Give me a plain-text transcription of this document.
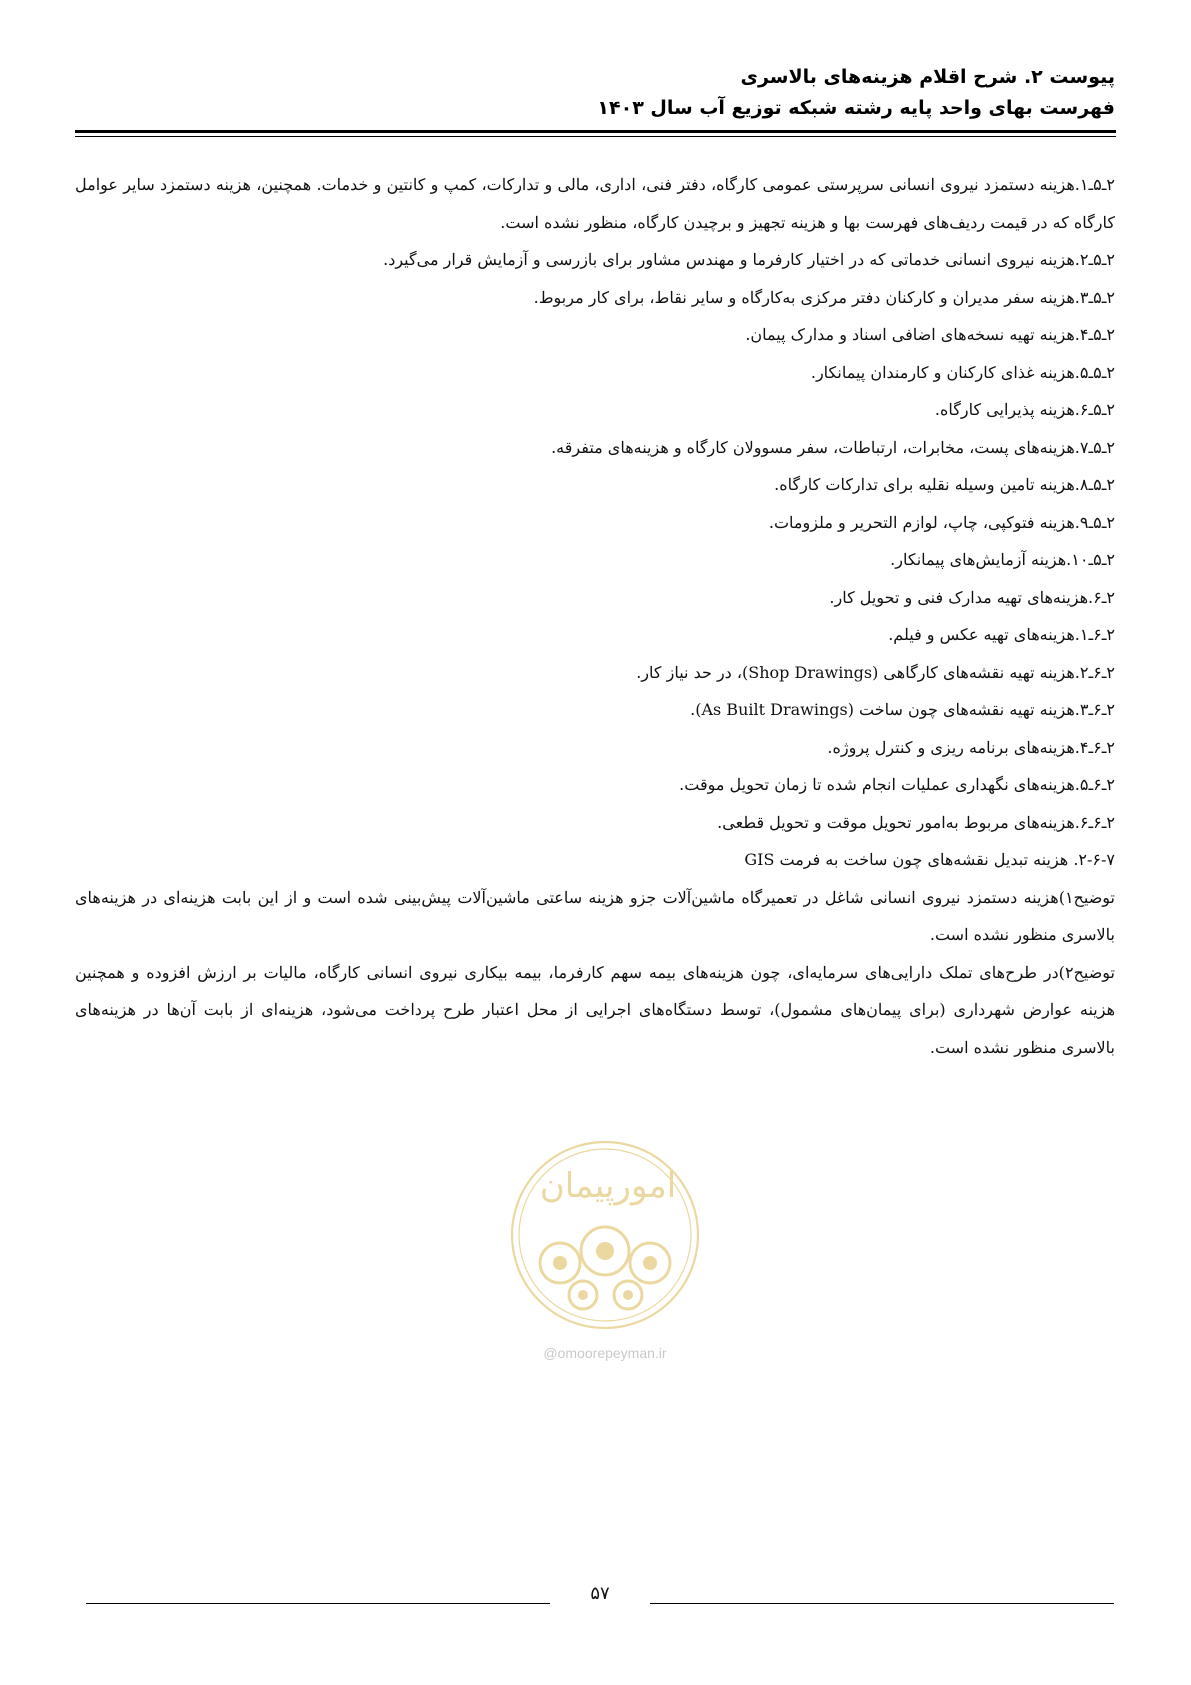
پیوست ۲. شرح اقلام هزینه‌های بالاسری
فهرست بهای واحد پایه رشته شبکه توزیع آب سال ۱۴۰۳

۲ـ۵ـ۱.هزینه دستمزد نیروی انسانی سرپرستی عمومی کارگاه، دفتر فنی، اداری، مالی و تدارکات، کمپ و کانتین و خدمات. همچنین، هزینه دستمزد سایر عوامل کارگاه که در قیمت ردیف‌های فهرست بها و هزینه تجهیز و برچیدن کارگاه، منظور نشده است.

۲ـ۵ـ۲.هزینه نیروی انسانی خدماتی که در اختیار کارفرما و مهندس مشاور برای بازرسی و آزمایش قرار می‌گیرد.

۲ـ۵ـ۳.هزینه سفر مدیران و کارکنان دفتر مرکزی به‌کارگاه و سایر نقاط، برای کار مربوط.

۲ـ۵ـ۴.هزینه تهیه نسخه‌های اضافی اسناد و مدارک پیمان.

۲ـ۵ـ۵.هزینه غذای کارکنان و کارمندان پیمانکار.

۲ـ۵ـ۶.هزینه پذیرایی کارگاه.

۲ـ۵ـ۷.هزینه‌های پست، مخابرات، ارتباطات، سفر مسوولان کارگاه و هزینه‌های متفرقه.

۲ـ۵ـ۸.هزینه تامین وسیله نقلیه برای تدارکات کارگاه.

۲ـ۵ـ۹.هزینه فتوکپی، چاپ، لوازم التحریر و ملزومات.

۲ـ۵ـ۱۰.هزینه آزمایش‌های پیمانکار.

۲ـ۶.هزینه‌های تهیه مدارک فنی و تحویل کار.

۲ـ۶ـ۱.هزینه‌های تهیه عکس و فیلم.

۲ـ۶ـ۲.هزینه تهیه نقشه‌های کارگاهی (Shop Drawings)، در حد نیاز کار.

۲ـ۶ـ۳.هزینه تهیه نقشه‌های چون ساخت (As Built Drawings).

۲ـ۶ـ۴.هزینه‌های برنامه ریزی و کنترل پروژه.

۲ـ۶ـ۵.هزینه‌های نگهداری عملیات انجام شده تا زمان تحویل موقت.

۲ـ۶ـ۶.هزینه‌های مربوط به‌امور تحویل موقت و تحویل قطعی.

۲-۶-۷. هزینه تبدیل نقشه‌های چون ساخت به فرمت GIS

توضیح۱)هزینه دستمزد نیروی انسانی شاغل در تعمیرگاه ماشین‌آلات جزو هزینه ساعتی ماشین‌آلات پیش‌بینی شده است و از این بابت هزینه‌ای در هزینه‌های بالاسری منظور نشده است.

توضیح۲)در طرح‌های تملک دارایی‌های سرمایه‌ای، چون هزینه‌های بیمه سهم کارفرما، بیمه بیکاری نیروی انسانی کارگاه، مالیات بر ارزش افزوده و همچنین هزینه عوارض شهرداری (برای پیمان‌های مشمول)، توسط دستگاه‌های اجرایی از محل اعتبار طرح پرداخت می‌شود، هزینه‌ای از بابت آن‌ها در هزینه‌های بالاسری منظور نشده است.

امورپیمان
@omoorepeyman.ir
۵۷
